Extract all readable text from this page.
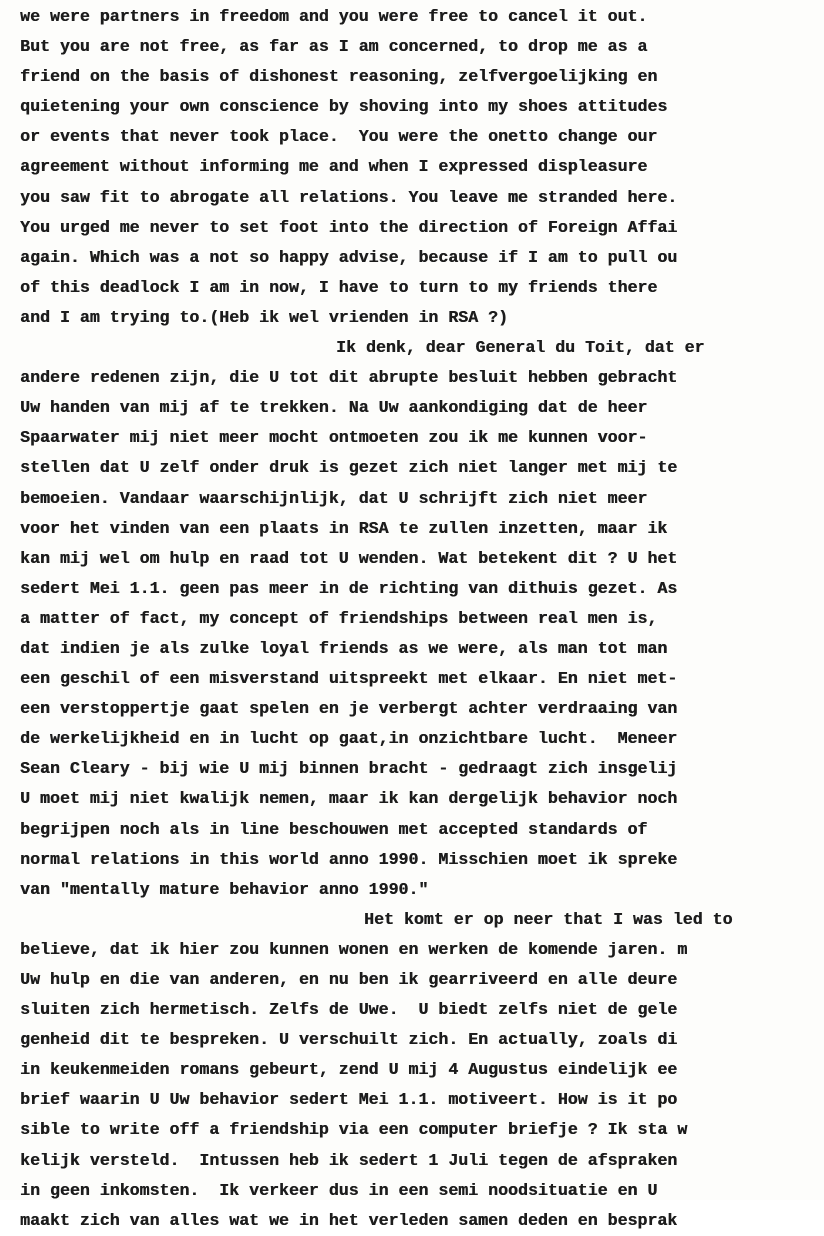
we were partners in freedom and you were free to cancel it out.
But you are not free, as far as I am concerned, to drop me as a
friend on the basis of dishonest reasoning, zelfvergoelijking en
quietening your own conscience by shoving into my shoes attitudes
or events that never took place.  You were the onetto change our
agreement without informing me and when I expressed displeasure
you saw fit to abrogate all relations. You leave me stranded here.
You urged me never to set foot into the direction of Foreign Affai
again. Which was a not so happy advise, because if I am to pull ou
of this deadlock I am in now, I have to turn to my friends there
and I am trying to.(Heb ik wel vrienden in RSA ?)
Ik denk, dear General du Toit, dat er
andere redenen zijn, die U tot dit abrupte besluit hebben gebracht
Uw handen van mij af te trekken. Na Uw aankondiging dat de heer
Spaarwater mij niet meer mocht ontmoeten zou ik me kunnen voor-
stellen dat U zelf onder druk is gezet zich niet langer met mij te
bemoeien. Vandaar waarschijnlijk, dat U schrijft zich niet meer
voor het vinden van een plaats in RSA te zullen inzetten, maar ik
kan mij wel om hulp en raad tot U wenden. Wat betekent dit ? U het
sedert Mei 1.1. geen pas meer in de richting van dithuis gezet. As
a matter of fact, my concept of friendships between real men is,
dat indien je als zulke loyal friends as we were, als man tot man
een geschil of een misverstand uitspreekt met elkaar. En niet met-
een verstoppertje gaat spelen en je verbergt achter verdraaing van
de werkelijkheid en in lucht op gaat,in onzichtbare lucht.  Meneer
Sean Cleary - bij wie U mij binnen bracht - gedraagt zich insgelij
U moet mij niet kwalijk nemen, maar ik kan dergelijk behavior noch
begrijpen noch als in line beschouwen met accepted standards of
normal relations in this world anno 1990. Misschien moet ik spreke
van "mentally mature behavior anno 1990."
Het komt er op neer that I was led to
believe, dat ik hier zou kunnen wonen en werken de komende jaren. m
Uw hulp en die van anderen, en nu ben ik gearriveerd en alle deure
sluiten zich hermetisch. Zelfs de Uwe.  U biedt zelfs niet de gele
genheid dit te bespreken. U verschuilt zich. En actually, zoals di
in keukenmeiden romans gebeurt, zend U mij 4 Augustus eindelijk ee
brief waarin U Uw behavior sedert Mei 1.1. motiveert. How is it po
sible to write off a friendship via een computer briefje ? Ik sta w
kelijk versteld.  Intussen heb ik sedert 1 Juli tegen de afspraken
in geen inkomsten.  Ik verkeer dus in een semi noodsituatie en U
maakt zich van alles wat we in het verleden samen deden en besprak
